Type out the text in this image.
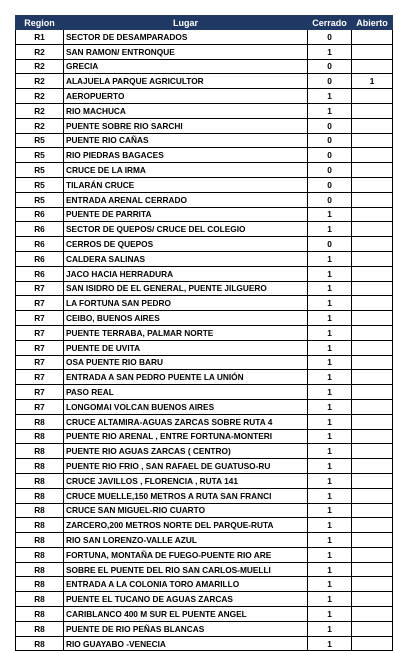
Region	Lugar	Cerrado	Abierto
R1	SECTOR DE DESAMPARADOS	0	
R2	SAN RAMON/ ENTRONQUE	1	
R2	GRECIA	0	
R2	ALAJUELA PARQUE AGRICULTOR	0	1
R2	AEROPUERTO	1	
R2	RIO MACHUCA	1	
R2	PUENTE SOBRE RIO SARCHI	0	
R5	PUENTE RIO CAÑAS	0	
R5	RIO PIEDRAS BAGACES	0	
R5	CRUCE DE LA IRMA	0	
R5	TILARÁN CRUCE	0	
R5	ENTRADA ARENAL CERRADO	0	
R6	PUENTE DE PARRITA	1	
R6	SECTOR DE QUEPOS/ CRUCE DEL COLEGIO	1	
R6	CERROS DE QUEPOS	0	
R6	CALDERA SALINAS	1	
R6	JACO HACIA HERRADURA	1	
R7	SAN ISIDRO DE EL GENERAL, PUENTE JILGUERO	1	
R7	LA FORTUNA SAN PEDRO	1	
R7	CEIBO, BUENOS AIRES	1	
R7	PUENTE TERRABA, PALMAR NORTE	1	
R7	PUENTE DE UVITA	1	
R7	OSA PUENTE RIO BARU	1	
R7	ENTRADA A SAN PEDRO PUENTE LA UNIÓN	1	
R7	PASO REAL	1	
R7	LONGOMAI VOLCAN BUENOS AIRES	1	
R8	CRUCE ALTAMIRA-AGUAS ZARCAS SOBRE RUTA 4	1	
R8	PUENTE RIO ARENAL , ENTRE FORTUNA-MONTERI	1	
R8	PUENTE RIO AGUAS ZARCAS ( CENTRO)	1	
R8	PUENTE RIO FRIO , SAN RAFAEL DE GUATUSO-RU	1	
R8	CRUCE JAVILLOS , FLORENCIA , RUTA 141	1	
R8	CRUCE MUELLE,150 METROS A RUTA SAN FRANCI	1	
R8	CRUCE SAN MIGUEL-RIO CUARTO	1	
R8	ZARCERO,200 METROS NORTE DEL PARQUE-RUTA	1	
R8	RIO SAN LORENZO-VALLE AZUL	1	
R8	FORTUNA, MONTAÑA DE FUEGO-PUENTE RIO ARE	1	
R8	SOBRE EL PUENTE DEL RIO SAN CARLOS-MUELLI	1	
R8	ENTRADA A LA COLONIA TORO AMARILLO	1	
R8	PUENTE EL TUCANO DE AGUAS ZARCAS	1	
R8	CARIBLANCO 400 M SUR EL PUENTE ANGEL	1	
R8	PUENTE DE RIO PEÑAS BLANCAS	1	
R8	RIO GUAYABO -VENECIA	1	
